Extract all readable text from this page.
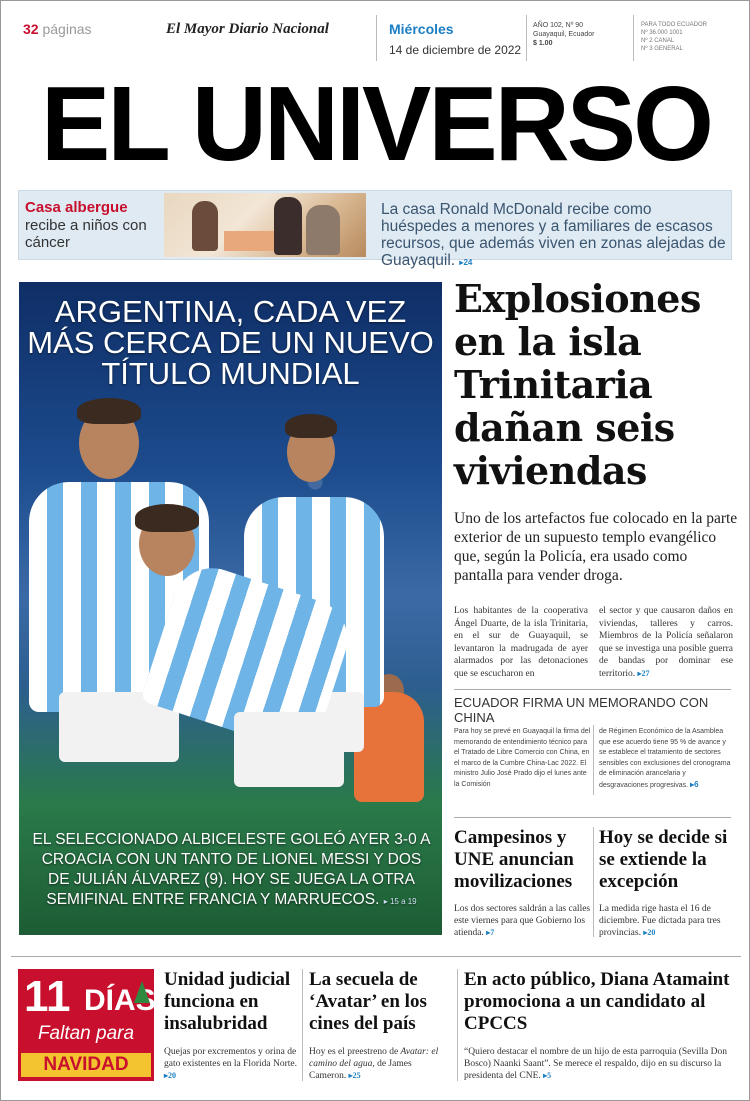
32 páginas	El Mayor Diario Nacional	Miércoles
14 de diciembre de 2022
AÑO 102, Nº 90
Guayaquil, Ecuador
$ 1.00
PARA TODO ECUADOR
Nº 36.000 1001
Nº 2 CANAL
Nº 3 GENERAL
EL UNIVERSO
Casa albergue
recibe a niños con cáncer
La casa Ronald McDonald recibe como huéspedes a menores y a familiares de escasos recursos, que además viven en zonas alejadas de Guayaquil. ▸24
ARGENTINA, CADA VEZ MÁS CERCA DE UN NUEVO TÍTULO MUNDIAL
EL SELECCIONADO ALBICELESTE GOLEÓ AYER 3-0 A CROACIA CON UN TANTO DE LIONEL MESSI Y DOS DE JULIÁN ÁLVAREZ (9). HOY SE JUEGA LA OTRA SEMIFINAL ENTRE FRANCIA Y MARRUECOS. ▸ 15 a 19
Explosiones en la isla Trinitaria dañan seis viviendas
Uno de los artefactos fue colocado en la parte exterior de un supuesto templo evangélico que, según la Policía, era usado como pantalla para vender droga.
Los habitantes de la cooperativa Ángel Duarte, de la isla Trinitaria, en el sur de Guayaquil, se levantaron la madrugada de ayer alarmados por las detonaciones que se escucharon en
el sector y que causaron daños en viviendas, talleres y carros. Miembros de la Policía señalaron que se investiga una posible guerra de bandas por dominar ese territorio. ▸27
ECUADOR FIRMA UN MEMORANDO CON CHINA
Para hoy se prevé en Guayaquil la firma del memorando de entendimiento técnico para el Tratado de Libre Comercio con China, en el marco de la Cumbre China-Lac 2022. El ministro Julio José Prado dijo el lunes ante la Comisión
de Régimen Económico de la Asamblea que ese acuerdo tiene 95 % de avance y se establece el tratamiento de sectores sensibles con exclusiones del cronograma de eliminación arancelaria y desgravaciones progresivas. ▸6
Campesinos y UNE anuncian movilizaciones
Los dos sectores saldrán a las calles este viernes para que Gobierno los atienda. ▸7
Hoy se decide si se extiende la excepción
La medida rige hasta el 16 de diciembre. Fue dictada para tres provincias. ▸20
11 DÍAS
Faltan para
NAVIDAD
Unidad judicial funciona en insalubridad
Quejas por excrementos y orina de gato existentes en la Florida Norte. ▸20
La secuela de ‘Avatar’ en los cines del país
Hoy es el preestreno de Avatar: el camino del agua, de James Cameron. ▸25
En acto público, Diana Atamaint promociona a un candidato al CPCCS
“Quiero destacar el nombre de un hijo de esta parroquia (Sevilla Don Bosco) Naanki Saant”. Se merece el respaldo, dijo en su discurso la presidenta del CNE. ▸5
